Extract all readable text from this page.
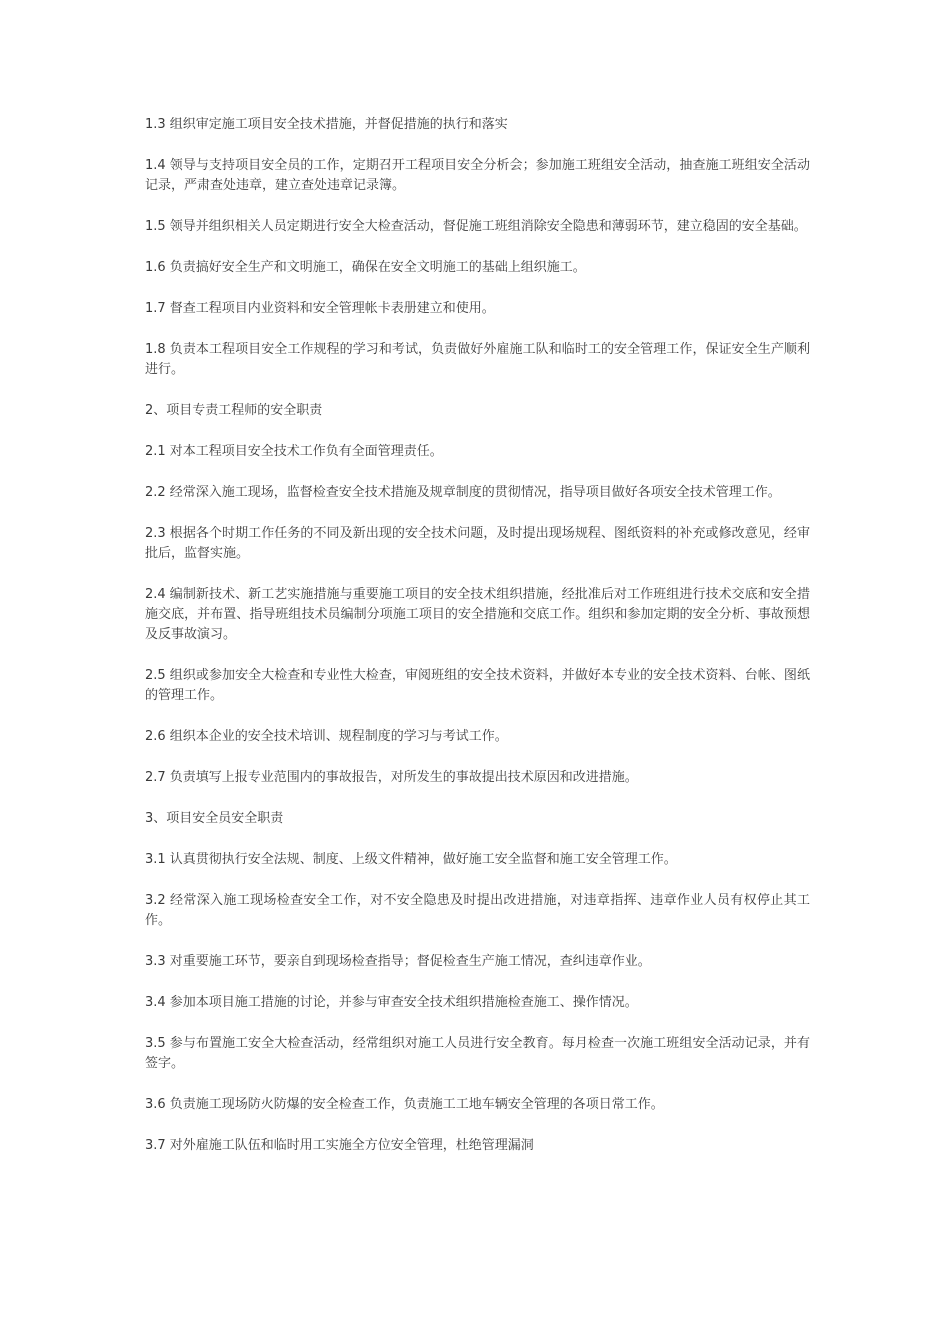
1.3 组织审定施工项目安全技术措施，并督促措施的执行和落实

1.4 领导与支持项目安全员的工作，定期召开工程项目安全分析会；参加施工班组安全活动，抽查施工班组安全活动记录，严肃查处违章，建立查处违章记录簿。

1.5 领导并组织相关人员定期进行安全大检查活动，督促施工班组消除安全隐患和薄弱环节，建立稳固的安全基础。

1.6 负责搞好安全生产和文明施工，确保在安全文明施工的基础上组织施工。

1.7 督查工程项目内业资料和安全管理帐卡表册建立和使用。

1.8 负责本工程项目安全工作规程的学习和考试，负责做好外雇施工队和临时工的安全管理工作，保证安全生产顺利进行。

2、项目专责工程师的安全职责

2.1 对本工程项目安全技术工作负有全面管理责任。

2.2 经常深入施工现场，监督检查安全技术措施及规章制度的贯彻情况，指导项目做好各项安全技术管理工作。

2.3 根据各个时期工作任务的不同及新出现的安全技术问题，及时提出现场规程、图纸资料的补充或修改意见，经审批后，监督实施。

2.4 编制新技术、新工艺实施措施与重要施工项目的安全技术组织措施，经批准后对工作班组进行技术交底和安全措施交底，并布置、指导班组技术员编制分项施工项目的安全措施和交底工作。组织和参加定期的安全分析、事故预想及反事故演习。

2.5 组织或参加安全大检查和专业性大检查，审阅班组的安全技术资料，并做好本专业的安全技术资料、台帐、图纸的管理工作。

2.6 组织本企业的安全技术培训、规程制度的学习与考试工作。

2.7 负责填写上报专业范围内的事故报告，对所发生的事故提出技术原因和改进措施。

3、项目安全员安全职责

3.1 认真贯彻执行安全法规、制度、上级文件精神，做好施工安全监督和施工安全管理工作。

3.2 经常深入施工现场检查安全工作，对不安全隐患及时提出改进措施，对违章指挥、违章作业人员有权停止其工作。

3.3 对重要施工环节，要亲自到现场检查指导；督促检查生产施工情况，查纠违章作业。

3.4 参加本项目施工措施的讨论，并参与审查安全技术组织措施检查施工、操作情况。

3.5 参与布置施工安全大检查活动，经常组织对施工人员进行安全教育。每月检查一次施工班组安全活动记录，并有签字。

3.6 负责施工现场防火防爆的安全检查工作，负责施工工地车辆安全管理的各项日常工作。

3.7 对外雇施工队伍和临时用工实施全方位安全管理，杜绝管理漏洞
